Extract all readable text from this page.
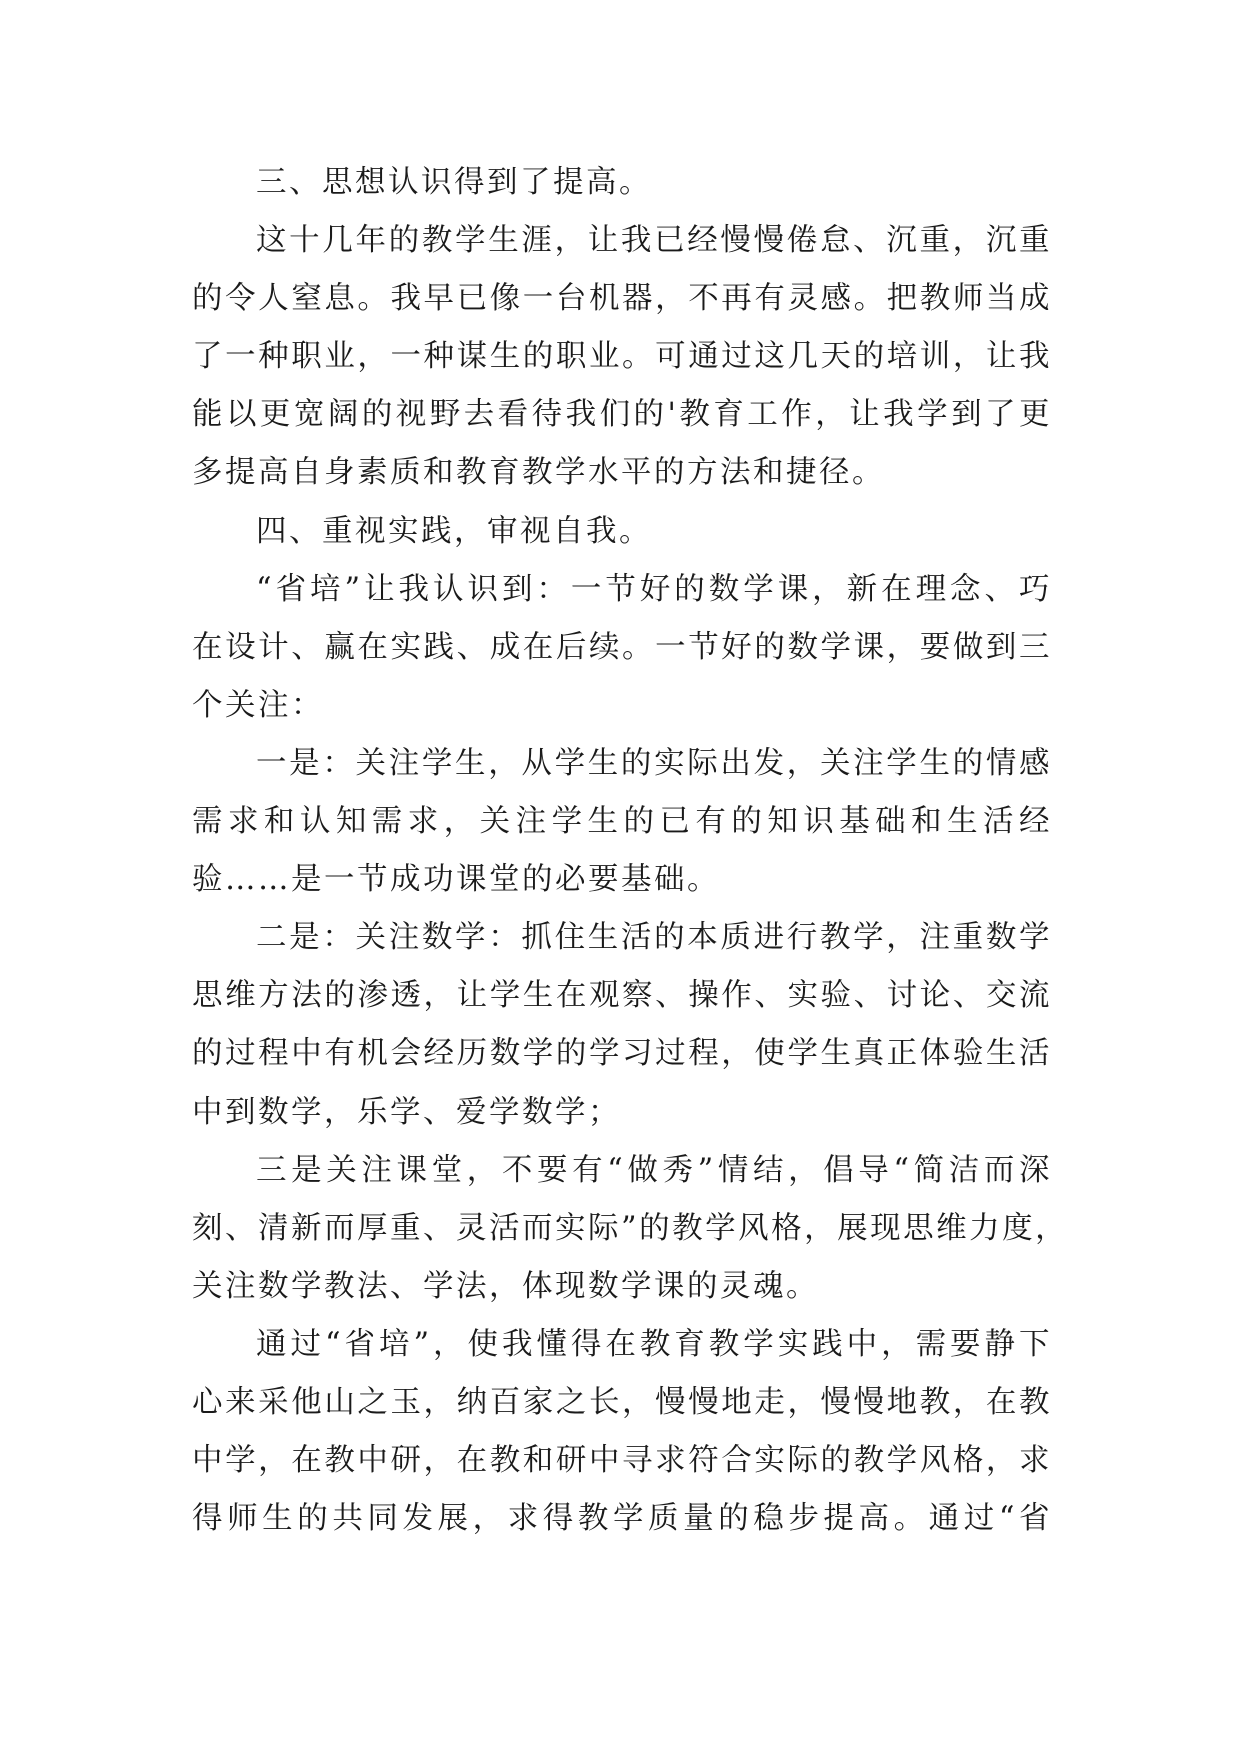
三、思想认识得到了提高。
这十几年的教学生涯，让我已经慢慢倦怠、沉重，沉重
的令人窒息。我早已像一台机器，不再有灵感。把教师当成
了一种职业，一种谋生的职业。可通过这几天的培训，让我
能以更宽阔的视野去看待我们的'教育工作，让我学到了更
多提高自身素质和教育教学水平的方法和捷径。
四、重视实践，审视自我。
“省培”让我认识到：一节好的数学课，新在理念、巧
在设计、赢在实践、成在后续。一节好的数学课，要做到三
个关注：
一是：关注学生，从学生的实际出发，关注学生的情感
需求和认知需求，关注学生的已有的知识基础和生活经
验……是一节成功课堂的必要基础。
二是：关注数学：抓住生活的本质进行教学，注重数学
思维方法的渗透，让学生在观察、操作、实验、讨论、交流
的过程中有机会经历数学的学习过程，使学生真正体验生活
中到数学，乐学、爱学数学；
三是关注课堂，不要有“做秀”情结，倡导“简洁而深
刻、清新而厚重、灵活而实际”的教学风格，展现思维力度，
关注数学教法、学法，体现数学课的灵魂。
通过“省培”，使我懂得在教育教学实践中，需要静下
心来采他山之玉，纳百家之长，慢慢地走，慢慢地教，在教
中学，在教中研，在教和研中寻求符合实际的教学风格，求
得师生的共同发展，求得教学质量的稳步提高。通过“省
